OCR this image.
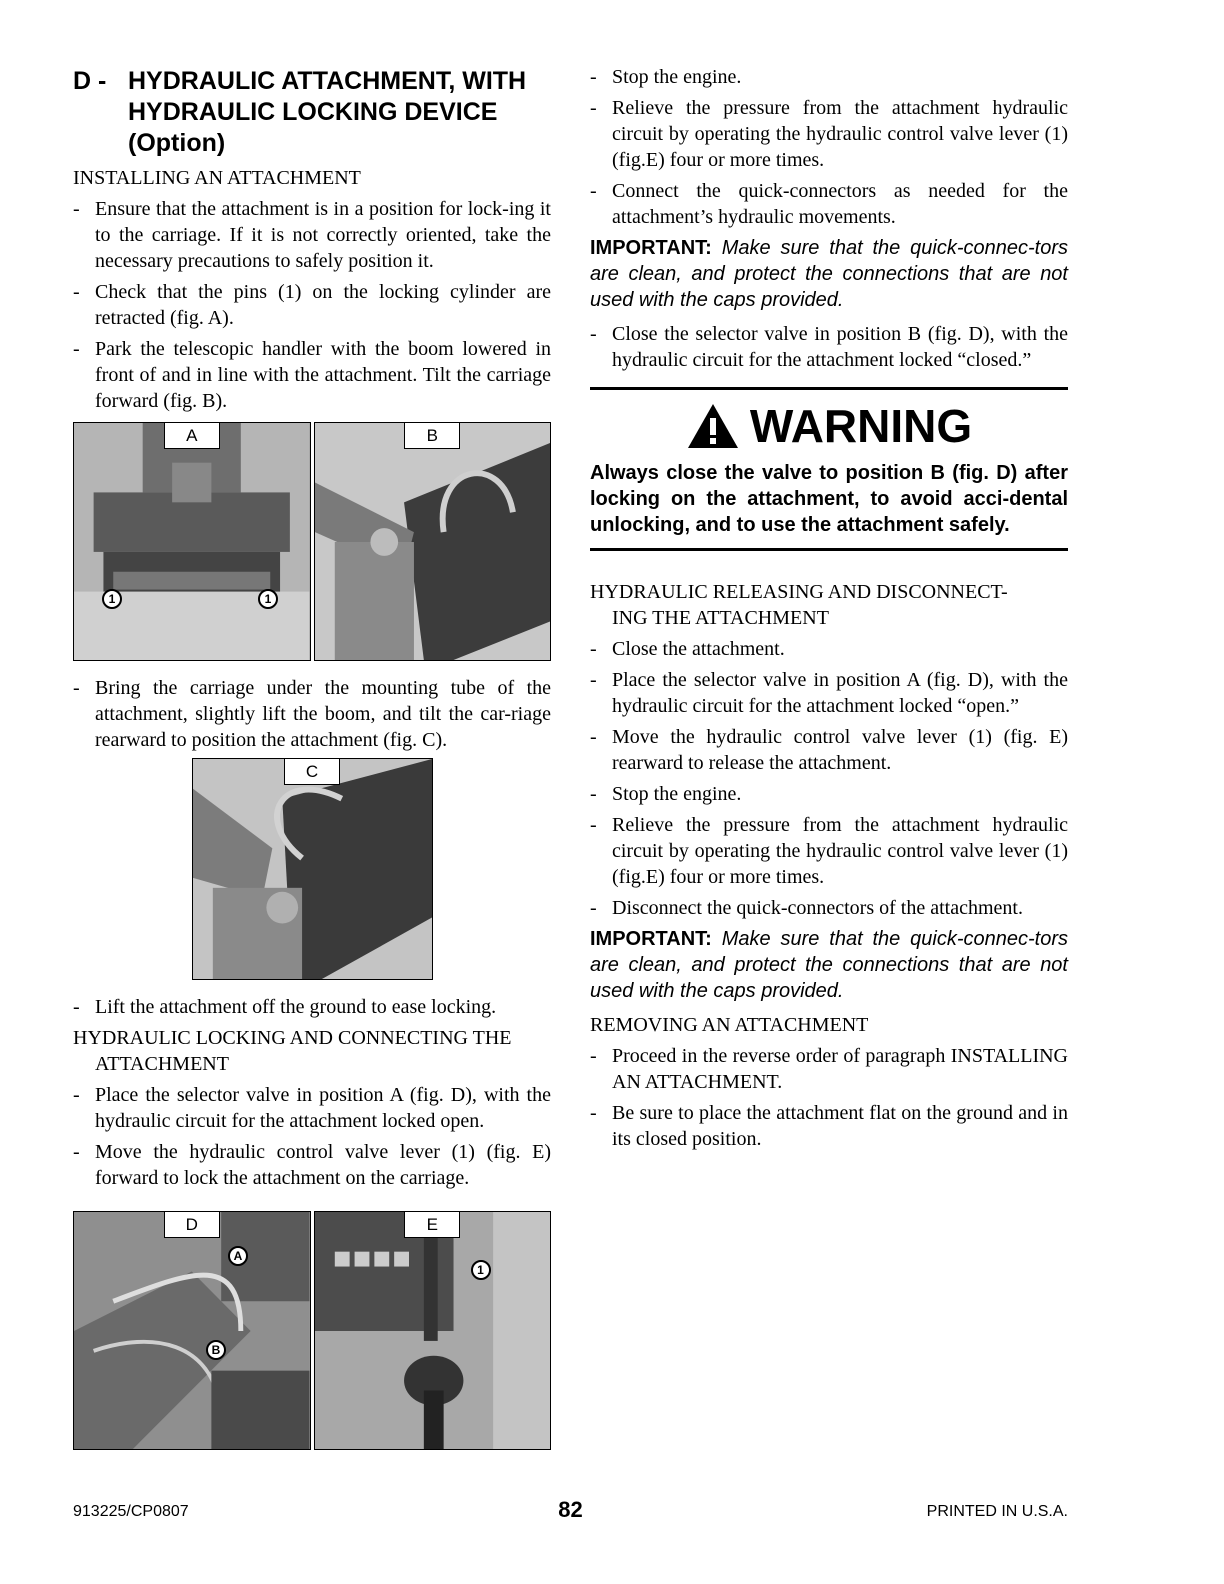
D - HYDRAULIC ATTACHMENT, WITH
HYDRAULIC LOCKING DEVICE
(Option)
INSTALLING AN ATTACHMENT
- Ensure that the attachment is in a position for lock-ing it to the carriage. If it is not correctly oriented, take the necessary precautions to safely position it.
- Check that the pins (1) on the locking cylinder are retracted (fig. A).
- Park the telescopic handler with the boom lowered in front of and in line with the attachment. Tilt the carriage forward (fig. B).
A
1	1
B
- Bring the carriage under the mounting tube of the attachment, slightly lift the boom, and tilt the car-riage rearward to position the attachment (fig. C).
C
- Lift the attachment off the ground to ease locking.
HYDRAULIC LOCKING AND CONNECTING THE
ATTACHMENT
- Place the selector valve in position A (fig. D), with the hydraulic circuit for the attachment locked open.
- Move the hydraulic control valve lever (1) (fig. E) forward to lock the attachment on the carriage.
D
A
B
E
1
- Stop the engine.
- Relieve the pressure from the attachment hydraulic circuit by operating the hydraulic control valve lever (1) (fig.E) four or more times.
- Connect the quick-connectors as needed for the attachment’s hydraulic movements.
IMPORTANT: Make sure that the quick-connec-tors are clean, and protect the connections that are not used with the caps provided.
- Close the selector valve in position B (fig. D), with the hydraulic circuit for the attachment locked “closed.”
WARNING
Always close the valve to position B (fig. D) after locking on the attachment, to avoid acci-dental unlocking, and to use the attachment safely.
HYDRAULIC RELEASING AND DISCONNECT-
ING THE ATTACHMENT
- Close the attachment.
- Place the selector valve in position A (fig. D), with the hydraulic circuit for the attachment locked “open.”
- Move the hydraulic control valve lever (1) (fig. E) rearward to release the attachment.
- Stop the engine.
- Relieve the pressure from the attachment hydraulic circuit by operating the hydraulic control valve lever (1) (fig.E) four or more times.
- Disconnect the quick-connectors of the attachment.
IMPORTANT: Make sure that the quick-connec-tors are clean, and protect the connections that are not used with the caps provided.
REMOVING AN ATTACHMENT
- Proceed in the reverse order of paragraph INSTALLING AN ATTACHMENT.
- Be sure to place the attachment flat on the ground and in its closed position.
913225/CP0807	82	PRINTED IN U.S.A.
